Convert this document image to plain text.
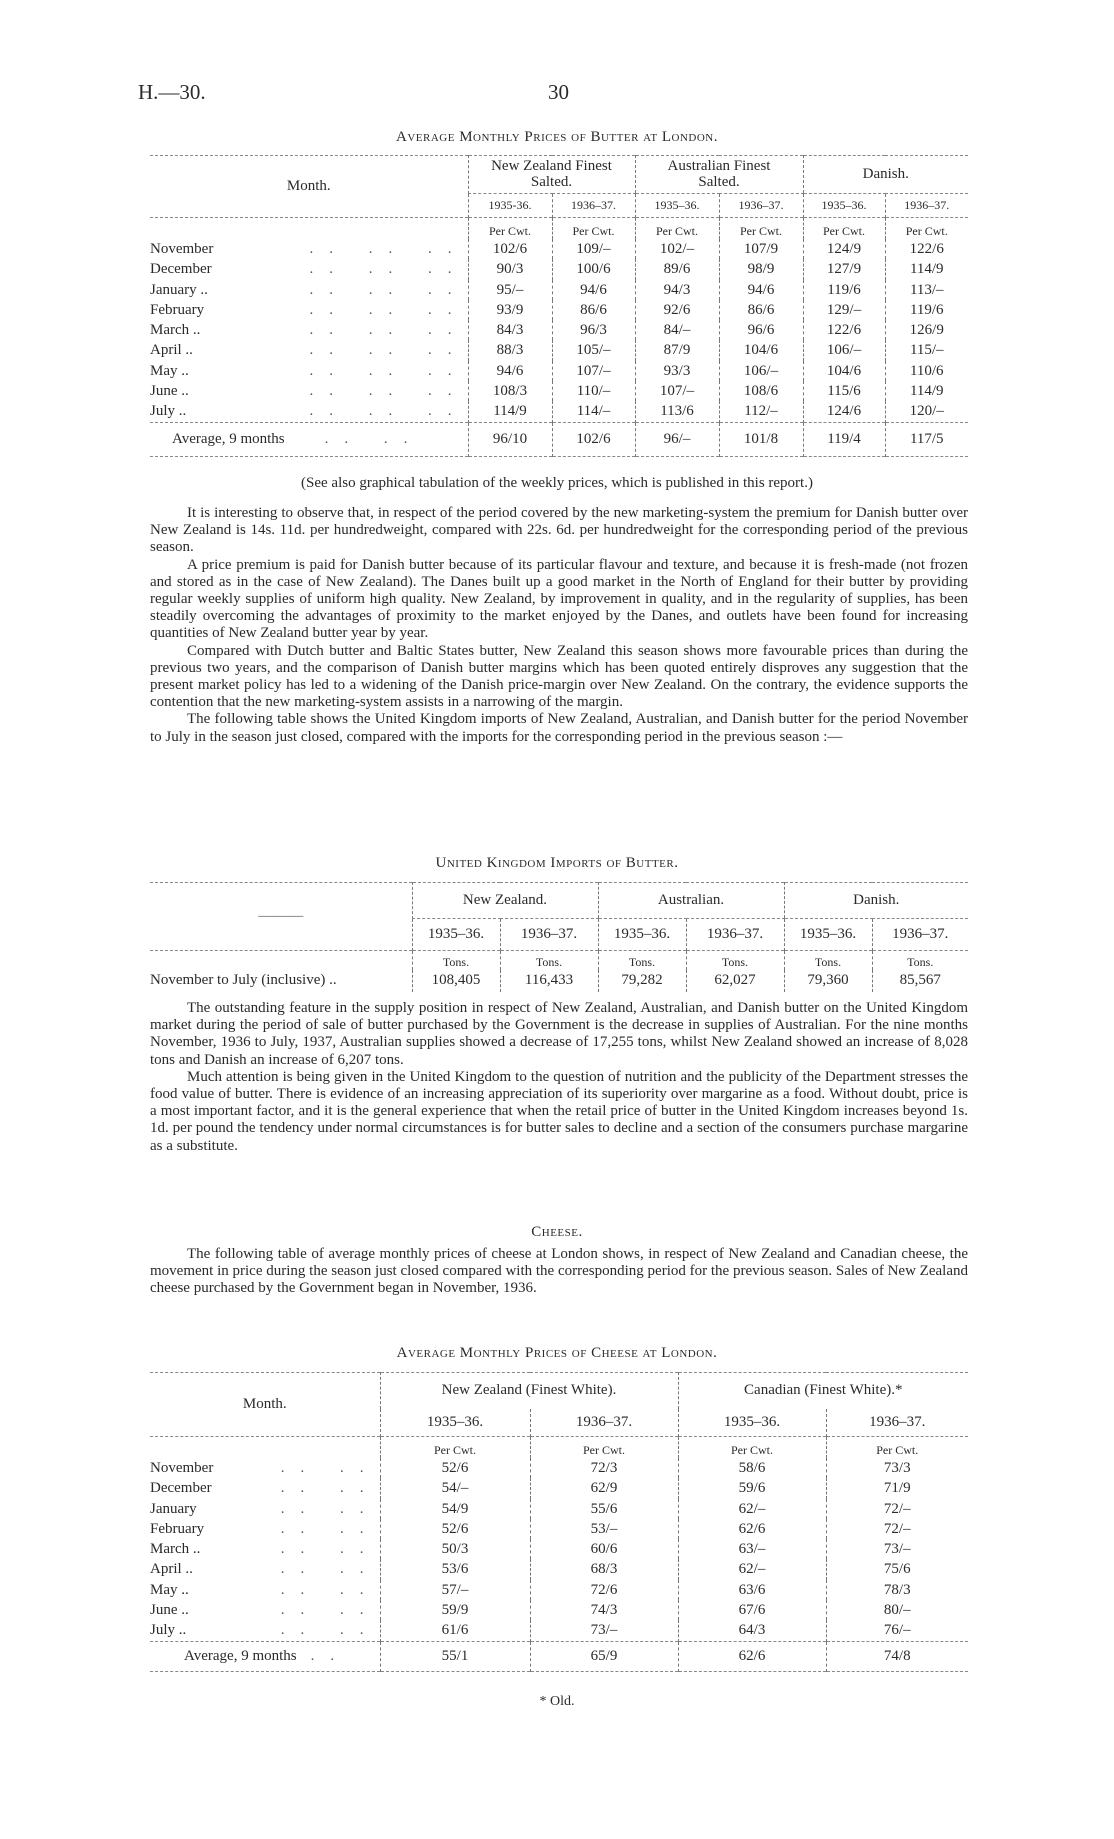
H.—30.	30
Average Monthly Prices of Butter at London.
Month.	New Zealand Finest Salted.		Australian Finest Salted.		Danish.	
	1935-36.	1936–37.	1935–36.	1936–37.	1935–36.	1936–37.
	Per Cwt.	Per Cwt.	Per Cwt.	Per Cwt.	Per Cwt.	Per Cwt.
November .. .. ..	102/6	109/–	102/–	107/9	124/9	122/6
December .. .. ..	90/3	100/6	89/6	98/9	127/9	114/9
January .. .. .. ..	95/–	94/6	94/3	94/6	119/6	113/–
February .. .. ..	93/9	86/6	92/6	86/6	129/–	119/6
March .. .. .. ..	84/3	96/3	84/–	96/6	122/6	126/9
April .. .. .. ..	88/3	105/–	87/9	104/6	106/–	115/–
May .. .. .. ..	94/6	107/–	93/3	106/–	104/6	110/6
June .. .. .. ..	108/3	110/–	107/–	108/6	115/6	114/9
July .. .. .. ..	114/9	114/–	113/6	112/–	124/6	120/–
Average, 9 months .. ..	96/10	102/6	96/–	101/8	119/4	117/5
(See also graphical tabulation of the weekly prices, which is published in this report.)

It is interesting to observe that, in respect of the period covered by the new marketing-system the premium for Danish butter over New Zealand is 14s. 11d. per hundredweight, compared with 22s. 6d. per hundredweight for the corresponding period of the previous season.

A price premium is paid for Danish butter because of its particular flavour and texture, and because it is fresh-made (not frozen and stored as in the case of New Zealand). The Danes built up a good market in the North of England for their butter by providing regular weekly supplies of uniform high quality. New Zealand, by improvement in quality, and in the regularity of supplies, has been steadily overcoming the advantages of proximity to the market enjoyed by the Danes, and outlets have been found for increasing quantities of New Zealand butter year by year.

Compared with Dutch butter and Baltic States butter, New Zealand this season shows more favourable prices than during the previous two years, and the comparison of Danish butter margins which has been quoted entirely disproves any suggestion that the present market policy has led to a widening of the Danish price-margin over New Zealand. On the contrary, the evidence supports the contention that the new marketing-system assists in a narrowing of the margin.

The following table shows the United Kingdom imports of New Zealand, Australian, and Danish butter for the period November to July in the season just closed, compared with the imports for the corresponding period in the previous season :—

United Kingdom Imports of Butter.
———	New Zealand.		Australian.		Danish.	
	1935–36.	1936–37.	1935–36.	1936–37.	1935–36.	1936–37.
	Tons.	Tons.	Tons.	Tons.	Tons.	Tons.
November to July (inclusive) ..	108,405	116,433	79,282	62,027	79,360	85,567

The outstanding feature in the supply position in respect of New Zealand, Australian, and Danish butter on the United Kingdom market during the period of sale of butter purchased by the Government is the decrease in supplies of Australian. For the nine months November, 1936 to July, 1937, Australian supplies showed a decrease of 17,255 tons, whilst New Zealand showed an increase of 8,028 tons and Danish an increase of 6,207 tons.

Much attention is being given in the United Kingdom to the question of nutrition and the publicity of the Department stresses the food value of butter. There is evidence of an increasing appreciation of its superiority over margarine as a food. Without doubt, price is a most important factor, and it is the general experience that when the retail price of butter in the United Kingdom increases beyond 1s. 1d. per pound the tendency under normal circumstances is for butter sales to decline and a section of the consumers purchase margarine as a substitute.

Cheese.

The following table of average monthly prices of cheese at London shows, in respect of New Zealand and Canadian cheese, the movement in price during the season just closed compared with the corresponding period for the previous season. Sales of New Zealand cheese purchased by the Government began in November, 1936.

Average Monthly Prices of Cheese at London.
Month.	New Zealand (Finest White).		Canadian (Finest White).*	
	1935–36.	1936–37.	1935–36.	1936–37.
	Per Cwt.	Per Cwt.	Per Cwt.	Per Cwt.
November .. ..	52/6	72/3	58/6	73/3
December .. ..	54/–	62/9	59/6	71/9
January .. ..	54/9	55/6	62/–	72/–
February .. ..	52/6	53/–	62/6	72/–
March .. .. ..	50/3	60/6	63/–	73/–
April .. .. ..	53/6	68/3	62/–	75/6
May .. .. ..	57/–	72/6	63/6	78/3
June .. .. ..	59/9	74/3	67/6	80/–
July .. .. ..	61/6	73/–	64/3	76/–
Average, 9 months ..	55/1	65/9	62/6	74/8
* Old.
